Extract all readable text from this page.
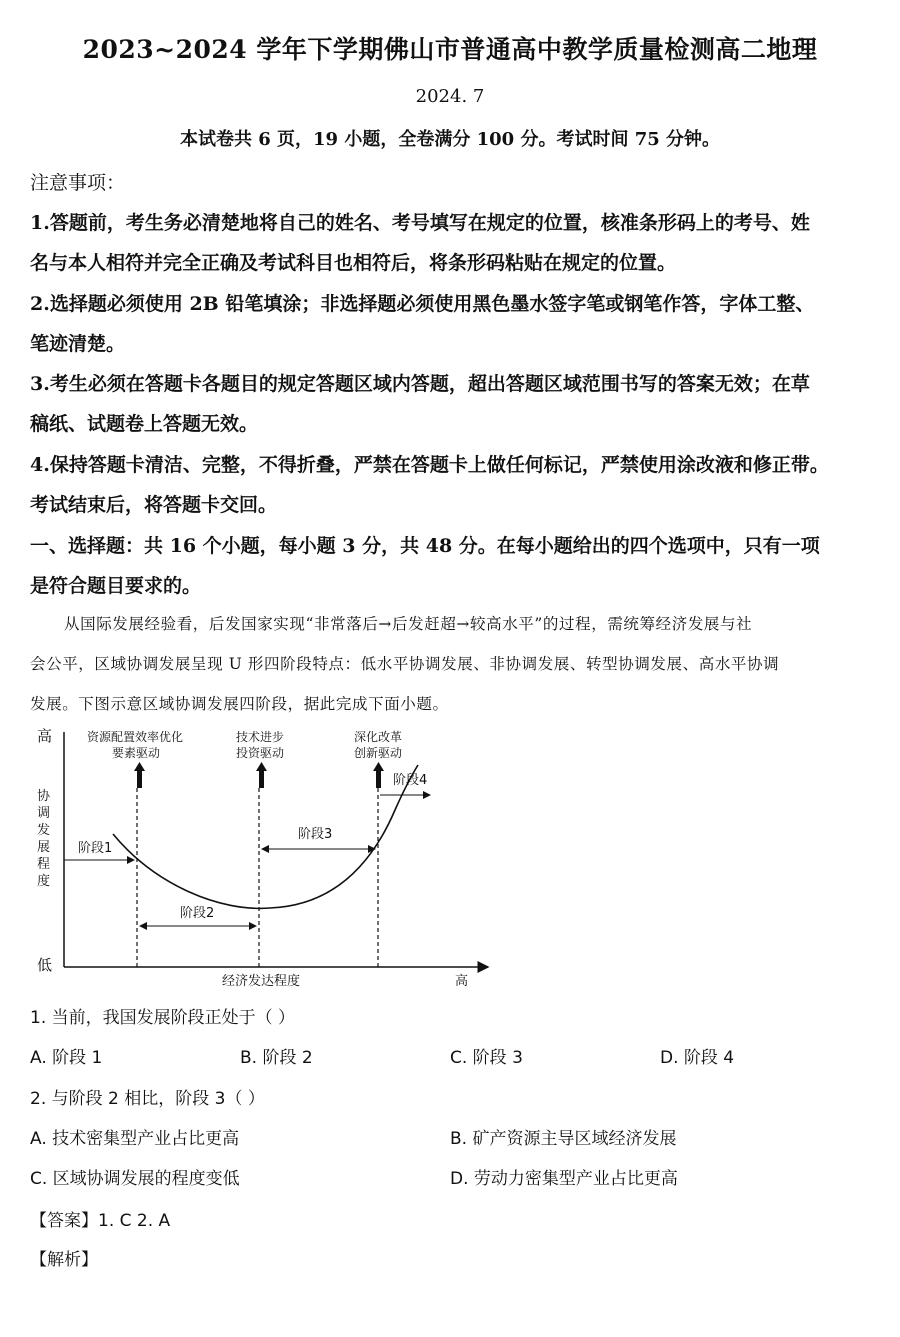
2023~2024 学年下学期佛山市普通高中教学质量检测高二地理
2024. 7
本试卷共 6 页，19 小题，全卷满分 100 分。考试时间 75 分钟。
注意事项：
1.答题前，考生务必清楚地将自己的姓名、考号填写在规定的位置，核准条形码上的考号、姓
名与本人相符并完全正确及考试科目也相符后，将条形码粘贴在规定的位置。
2.选择题必须使用 2B 铅笔填涂；非选择题必须使用黑色墨水签字笔或钢笔作答，字体工整、
笔迹清楚。
3.考生必须在答题卡各题目的规定答题区域内答题，超出答题区域范围书写的答案无效；在草
稿纸、试题卷上答题无效。
4.保持答题卡清洁、完整，不得折叠，严禁在答题卡上做任何标记，严禁使用涂改液和修正带。
考试结束后，将答题卡交回。
一、选择题：共 16 个小题，每小题 3 分，共 48 分。在每小题给出的四个选项中，只有一项
是符合题目要求的。
从国际发展经验看，后发国家实现“非常落后→后发赶超→较高水平”的过程，需统筹经济发展与社
会公平，区域协调发展呈现 U 形四阶段特点：低水平协调发展、非协调发展、转型协调发展、高水平协调
发展。下图示意区域协调发展四阶段，据此完成下面小题。
高
低
协
调
发
展
程
度
经济发达程度	高
资源配置效率优化
要素驱动
技术进步
投资驱动
深化改革
创新驱动
阶段1
阶段2
阶段3
阶段4
1. 当前，我国发展阶段正处于（ ）
A. 阶段 1	B. 阶段 2	C. 阶段 3	D. 阶段 4
2. 与阶段 2 相比，阶段 3（ ）
A. 技术密集型产业占比更高	B. 矿产资源主导区域经济发展
C. 区域协调发展的程度变低	D. 劳动力密集型产业占比更高
【答案】1. C 2. A
【解析】
